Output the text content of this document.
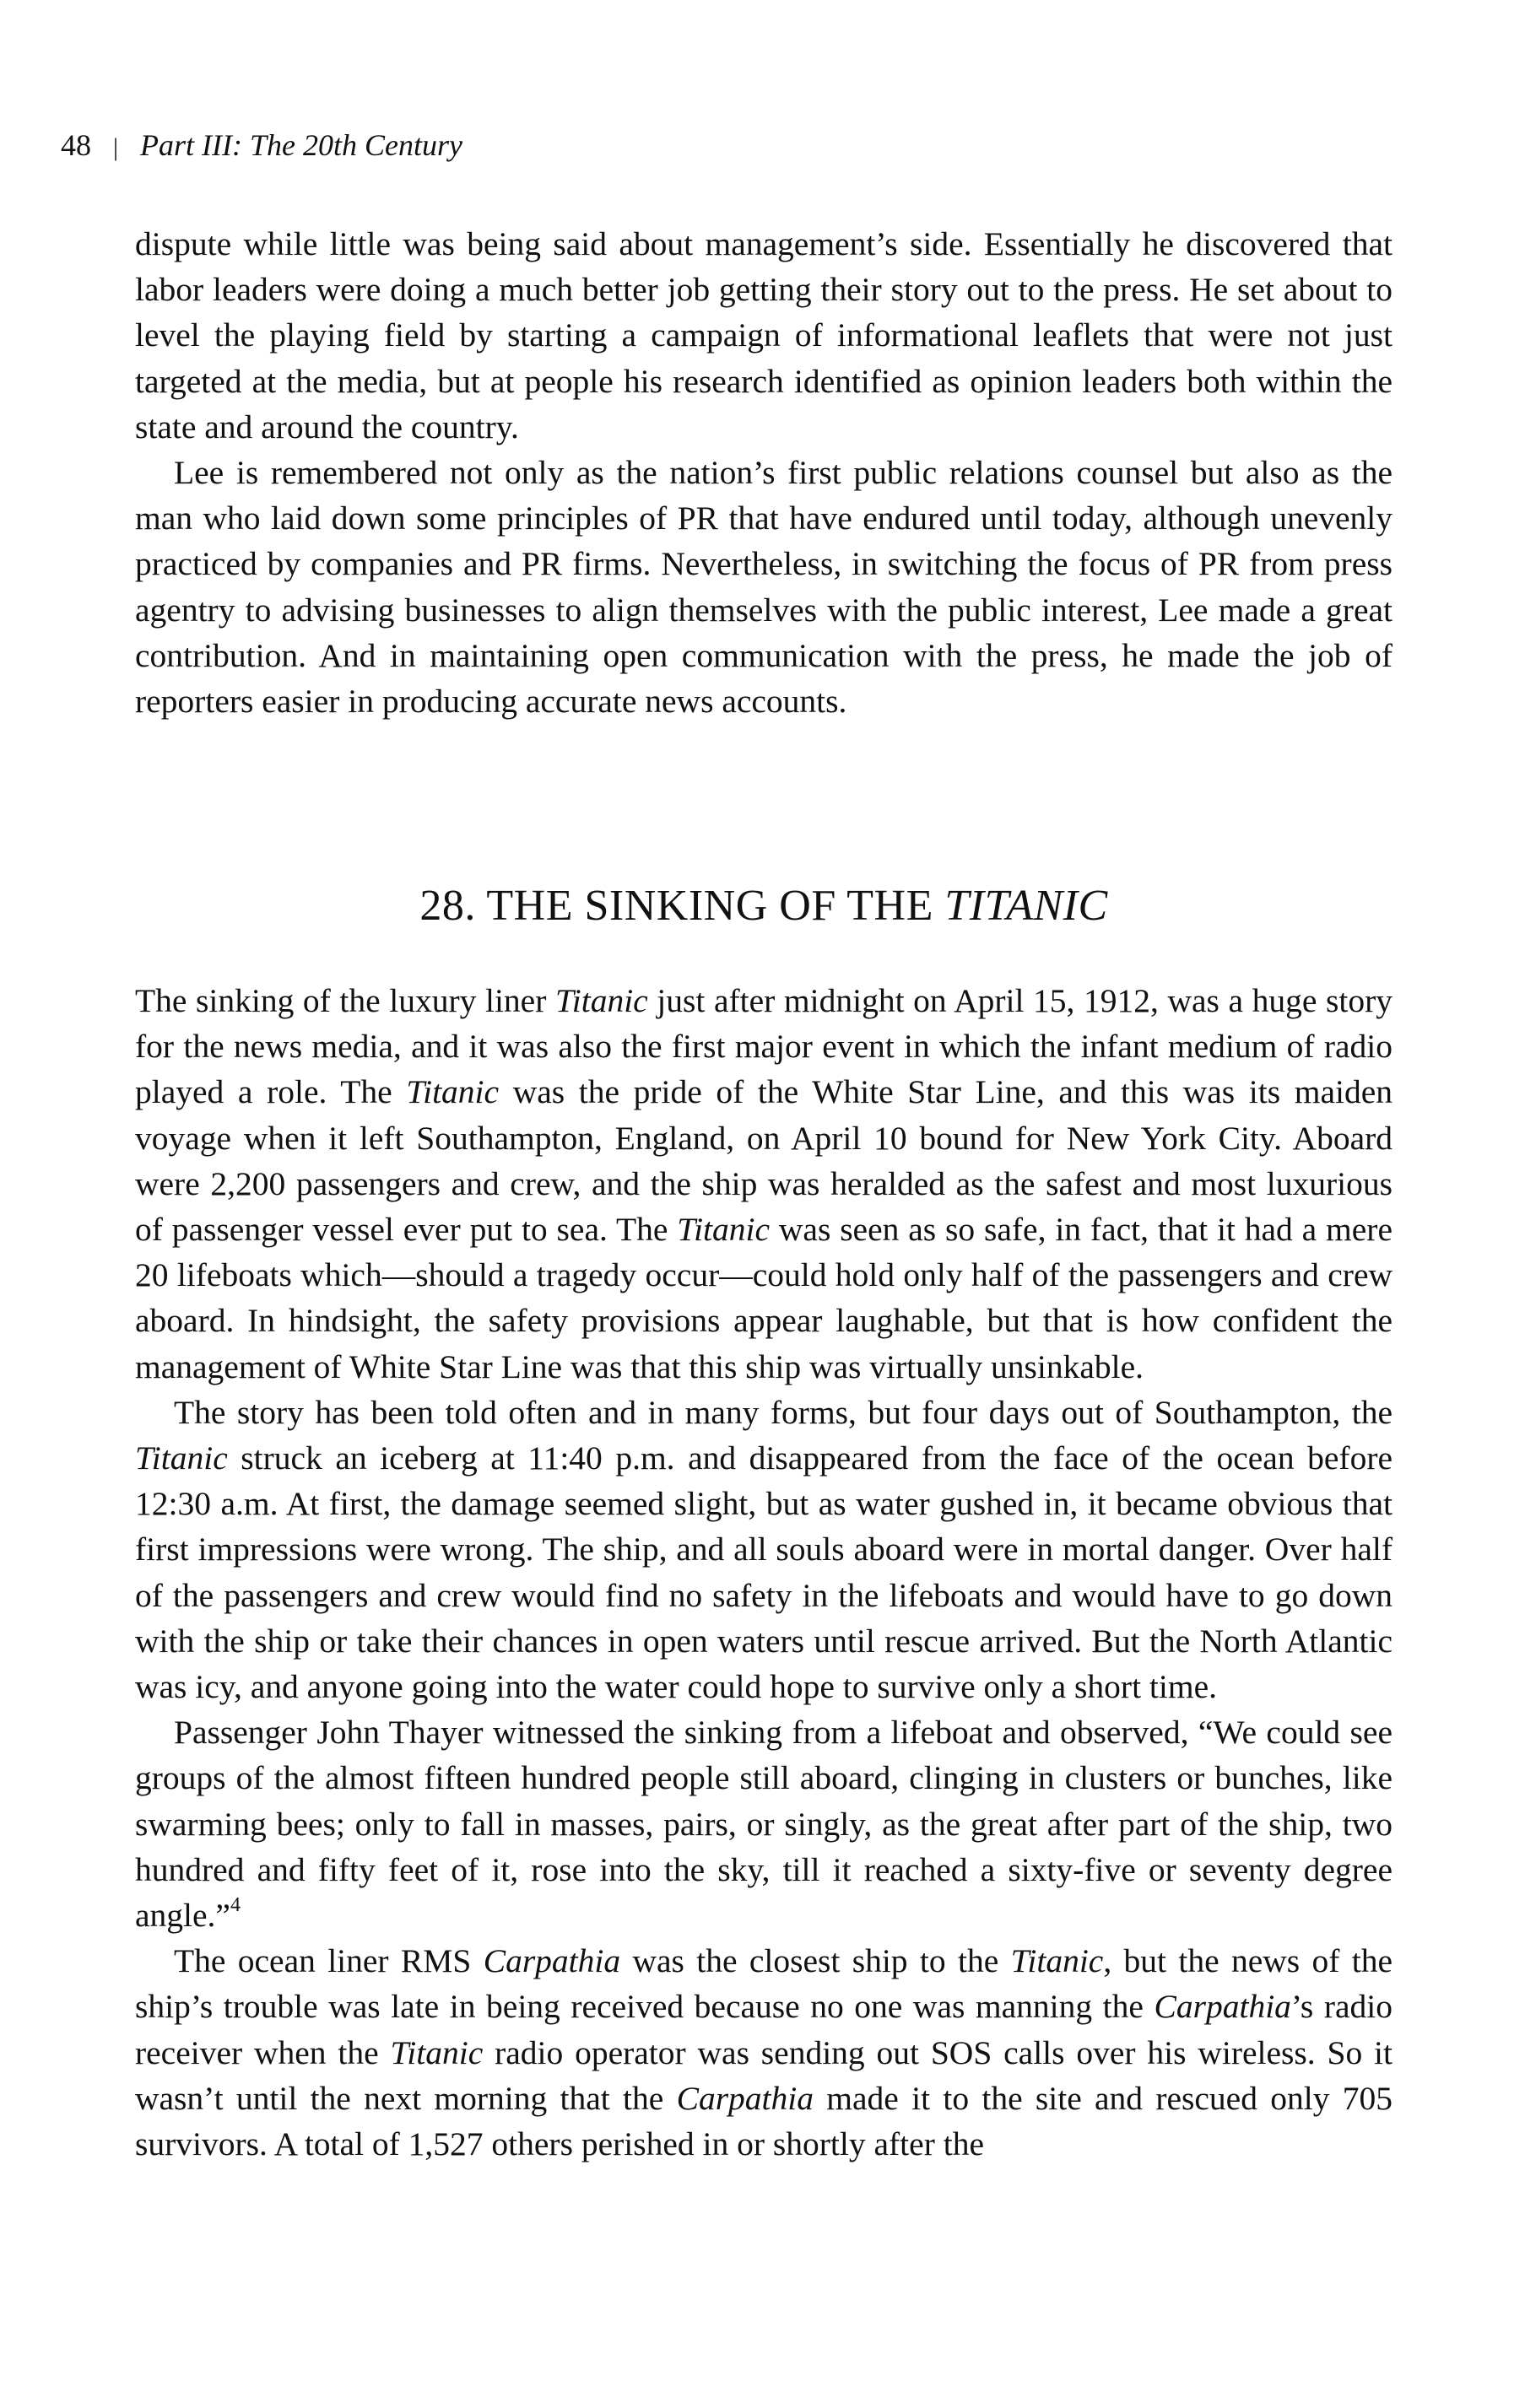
48 | Part III: The 20th Century

dispute while little was being said about management’s side. Essentially he discovered that labor leaders were doing a much better job getting their story out to the press. He set about to level the playing field by starting a campaign of informational leaflets that were not just targeted at the media, but at people his research identified as opinion leaders both within the state and around the country.

Lee is remembered not only as the nation’s first public relations counsel but also as the man who laid down some principles of PR that have endured until today, although unevenly practiced by companies and PR firms. Nevertheless, in switching the focus of PR from press agentry to advising businesses to align themselves with the public interest, Lee made a great contribution. And in maintaining open communication with the press, he made the job of reporters easier in producing accurate news accounts.

28. THE SINKING OF THE TITANIC

The sinking of the luxury liner Titanic just after midnight on April 15, 1912, was a huge story for the news media, and it was also the first major event in which the infant medium of radio played a role. The Titanic was the pride of the White Star Line, and this was its maiden voyage when it left Southampton, England, on April 10 bound for New York City. Aboard were 2,200 passengers and crew, and the ship was heralded as the safest and most luxurious of passenger vessel ever put to sea. The Titanic was seen as so safe, in fact, that it had a mere 20 lifeboats which—should a tragedy occur—could hold only half of the passengers and crew aboard. In hindsight, the safety provisions appear laughable, but that is how confident the management of White Star Line was that this ship was virtually unsinkable.

The story has been told often and in many forms, but four days out of Southampton, the Titanic struck an iceberg at 11:40 p.m. and disappeared from the face of the ocean before 12:30 a.m. At first, the damage seemed slight, but as water gushed in, it became obvious that first impressions were wrong. The ship, and all souls aboard were in mortal danger. Over half of the passengers and crew would find no safety in the lifeboats and would have to go down with the ship or take their chances in open waters until rescue arrived. But the North Atlantic was icy, and anyone going into the water could hope to survive only a short time.

Passenger John Thayer witnessed the sinking from a lifeboat and observed, “We could see groups of the almost fifteen hundred people still aboard, clinging in clusters or bunches, like swarming bees; only to fall in masses, pairs, or singly, as the great after part of the ship, two hundred and fifty feet of it, rose into the sky, till it reached a sixty-five or seventy degree angle.”$^4$

The ocean liner RMS Carpathia was the closest ship to the Titanic, but the news of the ship’s trouble was late in being received because no one was manning the Carpathia’s radio receiver when the Titanic radio operator was sending out SOS calls over his wireless. So it wasn’t until the next morning that the Carpathia made it to the site and rescued only 705 survivors. A total of 1,527 others perished in or shortly after the
